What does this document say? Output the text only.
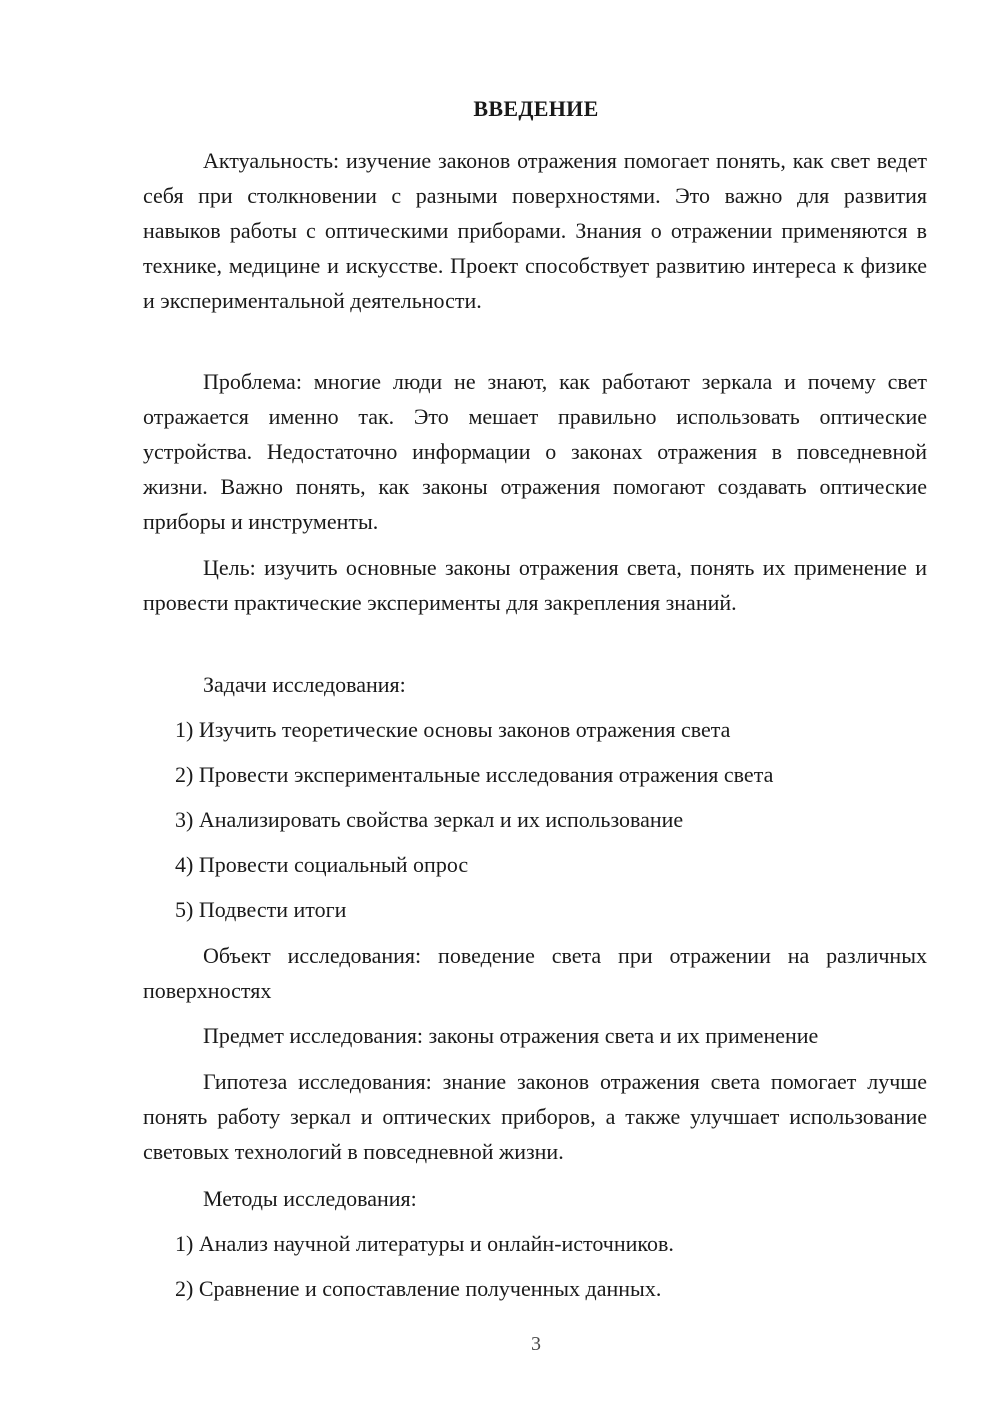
ВВЕДЕНИЕ

Актуальность: изучение законов отражения помогает понять, как свет ведет себя при столкновении с разными поверхностями. Это важно для развития навыков работы с оптическими приборами. Знания о отражении применяются в технике, медицине и искусстве. Проект способствует развитию интереса к физике и экспериментальной деятельности.

Проблема: многие люди не знают, как работают зеркала и почему свет отражается именно так. Это мешает правильно использовать оптические устройства. Недостаточно информации о законах отражения в повседневной жизни. Важно понять, как законы отражения помогают создавать оптические приборы и инструменты.

Цель: изучить основные законы отражения света, понять их применение и провести практические эксперименты для закрепления знаний.

Задачи исследования:

1) Изучить теоретические основы законов отражения света

2) Провести экспериментальные исследования отражения света

3) Анализировать свойства зеркал и их использование

4) Провести социальный опрос

5) Подвести итоги

Объект исследования: поведение света при отражении на различных поверхностях

Предмет исследования: законы отражения света и их применение

Гипотеза исследования: знание законов отражения света помогает лучше понять работу зеркал и оптических приборов, а также улучшает использование световых технологий в повседневной жизни.

Методы исследования:

1) Анализ научной литературы и онлайн-источников.

2) Сравнение и сопоставление полученных данных.

3
